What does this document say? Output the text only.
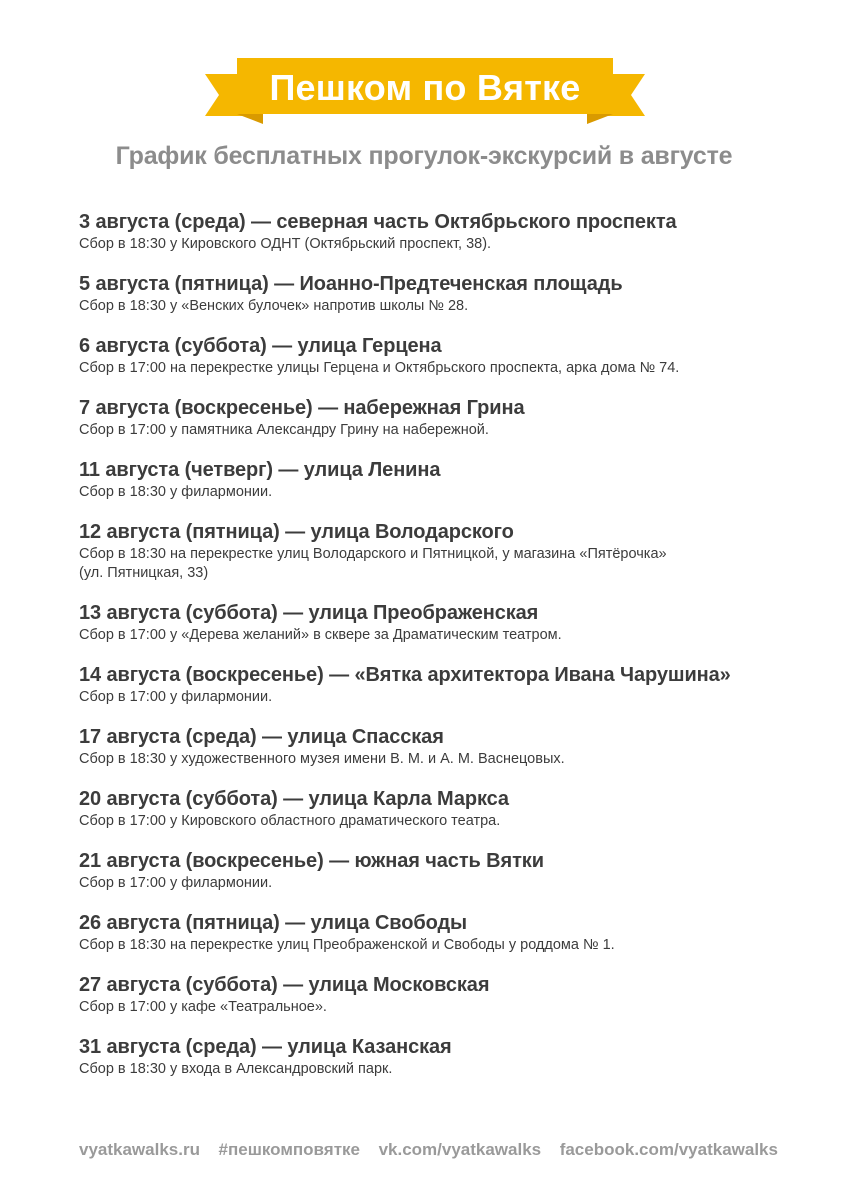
Пешком по Вятке
График бесплатных прогулок-экскурсий в августе
3 августа (среда) — северная часть Октябрьского проспекта
Сбор в 18:30 у Кировского ОДНТ (Октябрьский проспект, 38).
5 августа (пятница) — Иоанно-Предтеченская площадь
Сбор в 18:30 у «Венских булочек» напротив школы № 28.
6 августа (суббота) — улица Герцена
Сбор в 17:00 на перекрестке улицы Герцена и Октябрьского проспекта, арка дома № 74.
7 августа (воскресенье) — набережная Грина
Сбор в 17:00 у памятника Александру Грину на набережной.
11 августа (четверг) — улица Ленина
Сбор в 18:30 у филармонии.
12 августа (пятница) — улица Володарского
Сбор в 18:30 на перекрестке улиц Володарского и Пятницкой, у магазина «Пятёрочка»
(ул. Пятницкая, 33)
13 августа (суббота) — улица Преображенская
Сбор в 17:00 у «Дерева желаний» в сквере за Драматическим театром.
14 августа (воскресенье) — «Вятка архитектора Ивана Чарушина»
Сбор в 17:00 у филармонии.
17 августа (среда) — улица Спасская
Сбор в 18:30 у художественного музея имени В. М. и А. М. Васнецовых.
20 августа (суббота) — улица Карла Маркса
Сбор в 17:00 у Кировского областного драматического театра.
21 августа (воскресенье) — южная часть Вятки
Сбор в 17:00 у филармонии.
26 августа (пятница) — улица Свободы
Сбор в 18:30 на перекрестке улиц Преображенской и Свободы у роддома № 1.
27 августа (суббота) — улица Московская
Сбор в 17:00 у кафе «Театральное».
31 августа (среда) — улица Казанская
Сбор в 18:30 у входа в Александровский парк.
vyatkawalks.ru #пешкомповятке vk.com/vyatkawalks facebook.com/vyatkawalks
